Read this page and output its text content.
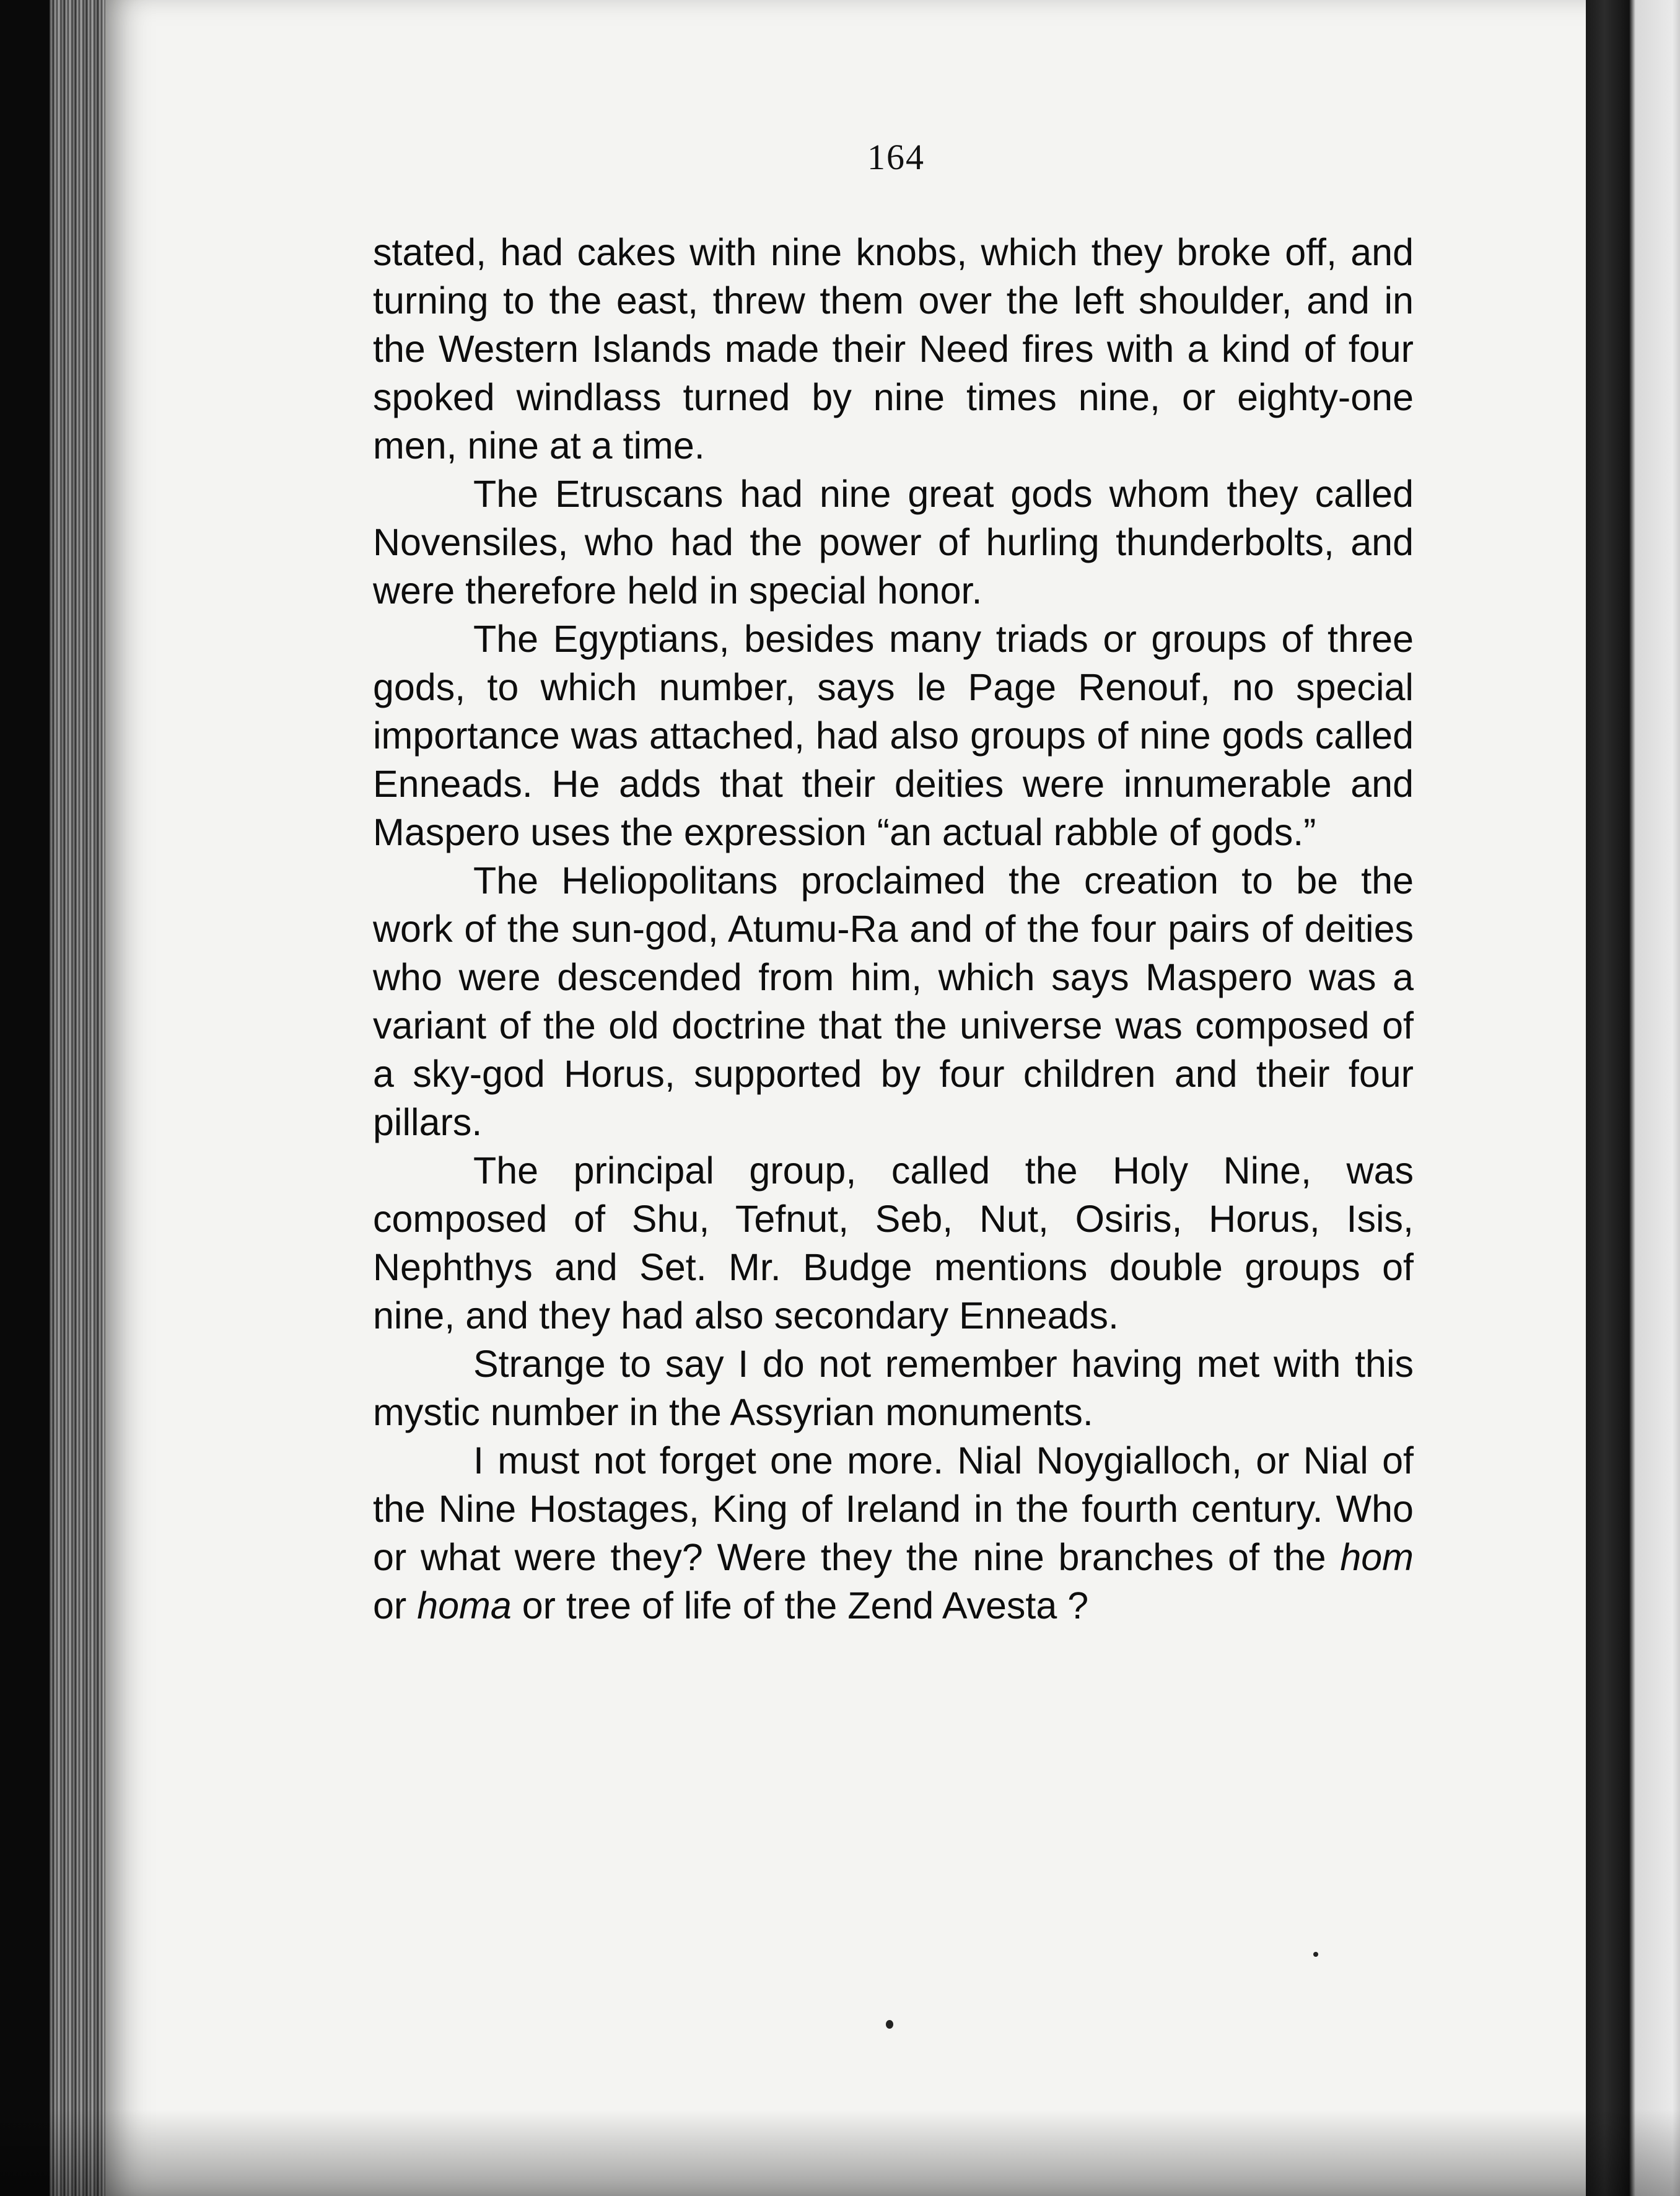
164

stated, had cakes with nine knobs, which they broke off, and turning to the east, threw them over the left shoulder, and in the Western Islands made their Need fires with a kind of four spoked windlass turned by nine times nine, or eighty-one men, nine at a time.

The Etruscans had nine great gods whom they called Novensiles, who had the power of hurling thunderbolts, and were therefore held in special honor.

The Egyptians, besides many triads or groups of three gods, to which number, says le Page Renouf, no special importance was attached, had also groups of nine gods called Enneads. He adds that their deities were innumerable and Maspero uses the expression “an actual rabble of gods.”

The Heliopolitans proclaimed the creation to be the work of the sun-god, Atumu-Ra and of the four pairs of deities who were descended from him, which says Maspero was a variant of the old doctrine that the universe was composed of a sky-god Horus, supported by four children and their four pillars.

The principal group, called the Holy Nine, was composed of Shu, Tefnut, Seb, Nut, Osiris, Horus, Isis, Nephthys and Set. Mr. Budge mentions double groups of nine, and they had also secondary Enneads.

Strange to say I do not remember having met with this mystic number in the Assyrian monuments.

I must not forget one more. Nial Noygialloch, or Nial of the Nine Hostages, King of Ireland in the fourth century. Who or what were they? Were they the nine branches of the hom or homa or tree of life of the Zend Avesta ?
